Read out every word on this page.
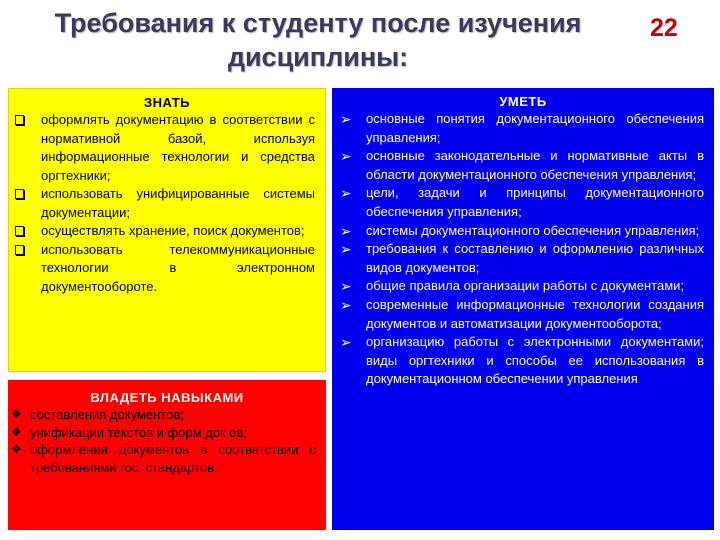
Требования к студенту после изучения
дисциплины:
22
ЗНАТЬ
оформлять документацию в соответствии с нормативной базой, используя информационные технологии и средства оргтехники;
использовать унифицированные системы документации;
осуществлять хранение, поиск документов;
использовать телекоммуникационные технологии в электронном документообороте.
ВЛАДЕТЬ НАВЫКАМИ
❖ составления документов;
❖ унификации текстов и форм док ов;
❖ оформления документов в соответствии с требованиями гос. стандартов.
УМЕТЬ
➢ основные понятия документационного обеспечения управления;
➢ основные законодательные и нормативные акты в области документационного обеспечения управления;
➢ цели, задачи и принципы документационного обеспечения управления;
➢ системы документационного обеспечения управления;
➢ требования к составлению и оформлению различных видов документов;
➢ общие правила организации работы с документами;
➢ современные информационные технологии создания документов и автоматизации документооборота;
➢ организацию работы с электронными документами; виды оргтехники и способы ее использования в документационном обеспечении управления
